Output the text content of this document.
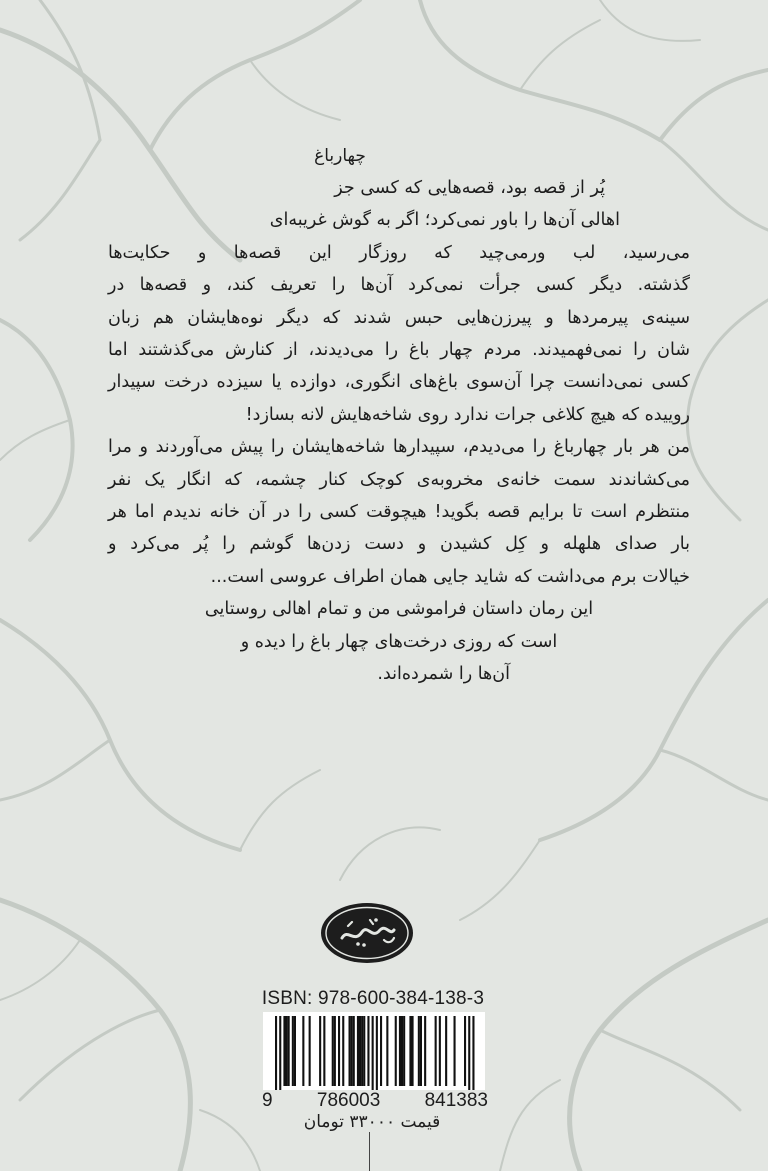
چهارباغ
پُر از قصه بود، قصه‌هایی که کسی جز
اهالی آن‌ها را باور نمی‌کرد؛ اگر به گوش غریبه‌ای
می‌رسید، لب ورمی‌چید که روزگار این قصه‌ها و حکایت‌ها
گذشته. دیگر کسی جرأت نمی‌کرد آن‌ها را تعریف کند، و قصه‌ها در
سینه‌ی پیرمردها و پیرزن‌هایی حبس شدند که دیگر نوه‌هایشان هم زبان
شان را نمی‌فهمیدند. مردم چهار باغ را می‌دیدند، از کنارش می‌گذشتند اما
کسی نمی‌دانست چرا آن‌سوی باغ‌های انگوری، دوازده یا سیزده درخت سپیدار
روییده که هیچ کلاغی جرات ندارد روی شاخه‌هایش لانه بسازد!
من هر بار چهارباغ را می‌دیدم، سپیدارها شاخه‌هایشان را پیش می‌آوردند و مرا
می‌کشاندند سمت خانه‌ی مخروبه‌ی کوچک کنار چشمه، که انگار یک نفر
منتظرم است تا برایم قصه بگوید! هیچوقت کسی را در آن خانه ندیدم اما هر
بار صدای هلهله و کِل کشیدن و دست زدن‌ها گوشم را پُر می‌کرد و
خیالات برم می‌داشت که شاید جایی همان اطراف عروسی است...
این رمان داستان فراموشی من و تمام اهالی روستایی
است که روزی درخت‌های چهار باغ را دیده و
آن‌ها را شمرده‌اند.
ISBN: 978-600-384-138-3
9 786003 841383
قیمت ۳۳۰۰۰ تومان
